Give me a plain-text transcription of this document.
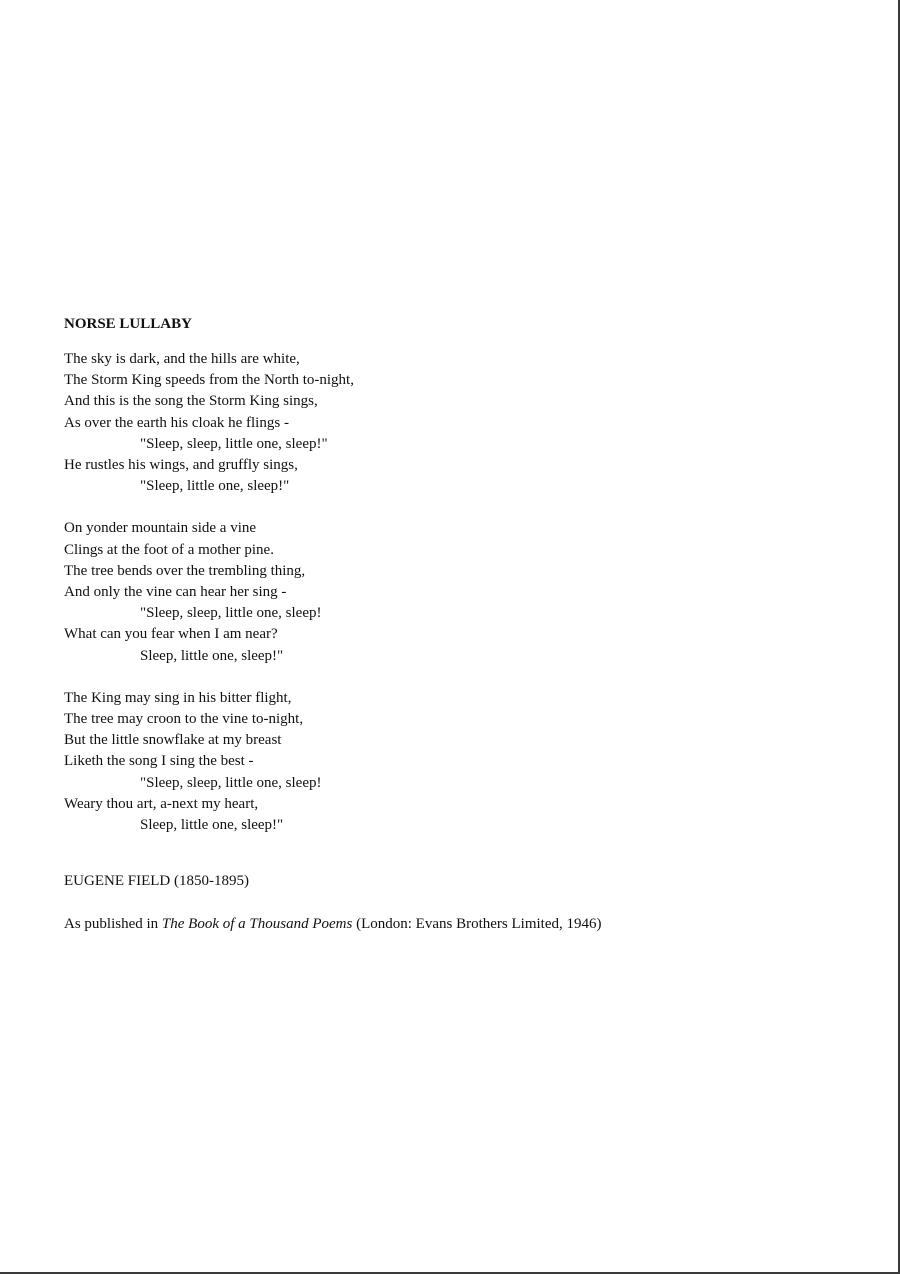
NORSE LULLABY
The sky is dark, and the hills are white,
The Storm King speeds from the North to-night,
And this is the song the Storm King sings,
As over the earth his cloak he flings -
"Sleep, sleep, little one, sleep!"
He rustles his wings, and gruffly sings,
"Sleep, little one, sleep!"
On yonder mountain side a vine
Clings at the foot of a mother pine.
The tree bends over the trembling thing,
And only the vine can hear her sing -
"Sleep, sleep, little one, sleep!
What can you fear when I am near?
Sleep, little one, sleep!"
The King may sing in his bitter flight,
The tree may croon to the vine to-night,
But the little snowflake at my breast
Liketh the song I sing the best -
"Sleep, sleep, little one, sleep!
Weary thou art, a-next my heart,
Sleep, little one, sleep!"
EUGENE FIELD (1850-1895)
As published in The Book of a Thousand Poems (London: Evans Brothers Limited, 1946)
